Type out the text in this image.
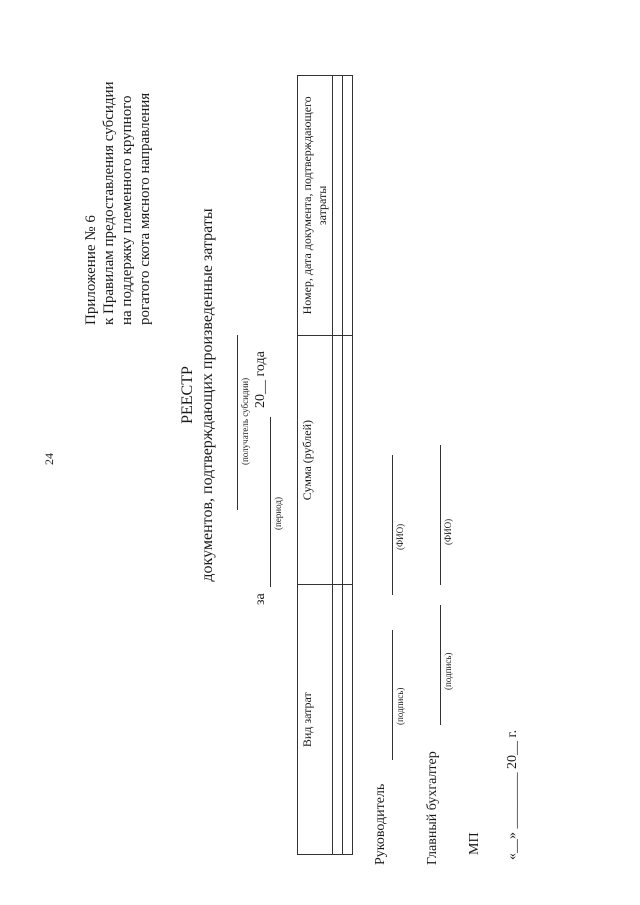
24
Приложение № 6 к Правилам предоставления субсидии на поддержку племенного крупного рогатого скота мясного направления
РЕЕСТР документов, подтверждающих произведенные затраты	(получатель субсидии)
за
(период)
20__ года
Вид затрат	Сумма (рублей)	Номер, дата документа, подтверждающего затраты

Руководитель
(подпись)
(ФИО)
Главный бухгалтер
(подпись)
(ФИО)
МП «__» ________ 20__ г.
